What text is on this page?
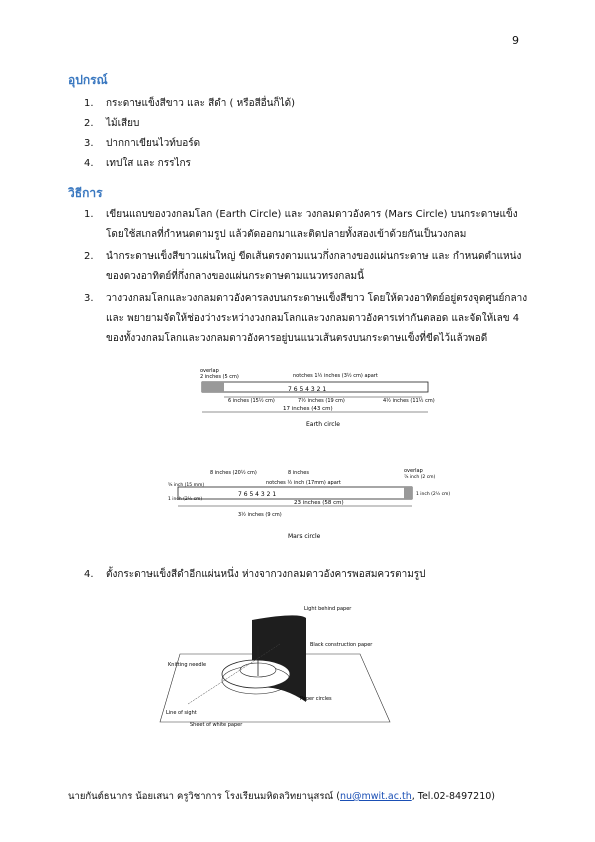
9
อุปกรณ์
1. กระดาษแข็งสีขาว และ สีดำ ( หรือสีอื่นก็ได้)
2. ไม้เสียบ
3. ปากกาเขียนไวท์บอร์ด
4. เทปใส และ กรรไกร
วิธีการ
1. เขียนแถบของวงกลมโลก (Earth Circle) และ วงกลมดาวอังคาร (Mars Circle) บนกระดาษแข็ง โดยใช้สเกลที่กำหนดตามรูป แล้วตัดออกมาและติดปลายทั้งสองเข้าด้วยกันเป็นวงกลม
2. นำกระดาษแข็งสีขาวแผ่นใหญ่ ขีดเส้นตรงตามแนวกึ่งกลางของแผ่นกระดาษ และ กำหนดตำแหน่งของดวงอาทิตย์ที่กึ่งกลางของแผ่นกระดาษตามแนวทรงกลมนี้
3. วางวงกลมโลกและวงกลมดาวอังคารลงบนกระดาษแข็งสีขาว โดยให้ดวงอาทิตย์อยู่ตรงจุดศูนย์กลาง และ พยายามจัดให้ช่องว่างระหว่างวงกลมโลกและวงกลมดาวอังคารเท่ากันตลอด และจัดให้เลข 4 ของทั้งวงกลมโลกและวงกลมดาวอังคารอยู่บนแนวเส้นตรงบนกระดาษแข็งที่ขีดไว้แล้วพอดี
overlap
2 inches (5 cm)	notches 1½ inches (3½ cm) apart
7 6 5 4 3 2 1
6 inches (15½ cm)	7½ inches (19 cm)	4½ inches (11½ cm)
17 inches (43 cm)
Earth circle
8 inches (20½ cm)	8 inches
notches ½ inch (17mm) apart
overlap
⅞ inch (2 cm)
⅝ inch (15 mm)
1 inch (2½ cm)
7 6 5 4 3 2 1	1 inch (2½ cm)
23 inches (58 cm)
3½ inches (9 cm)
Mars circle
4. ตั้งกระดาษแข็งสีดำอีกแผ่นหนึ่ง ห่างจากวงกลมดาวอังคารพอสมควรตามรูป
Light behind paper
Black construction paper
Knitting needle
Paper circles
Line of sight
Sheet of white paper
นายกันต์ธนากร น้อยเสนา ครูวิชาการ โรงเรียนมหิดลวิทยานุสรณ์ (nu@mwit.ac.th, Tel.02-8497210)
